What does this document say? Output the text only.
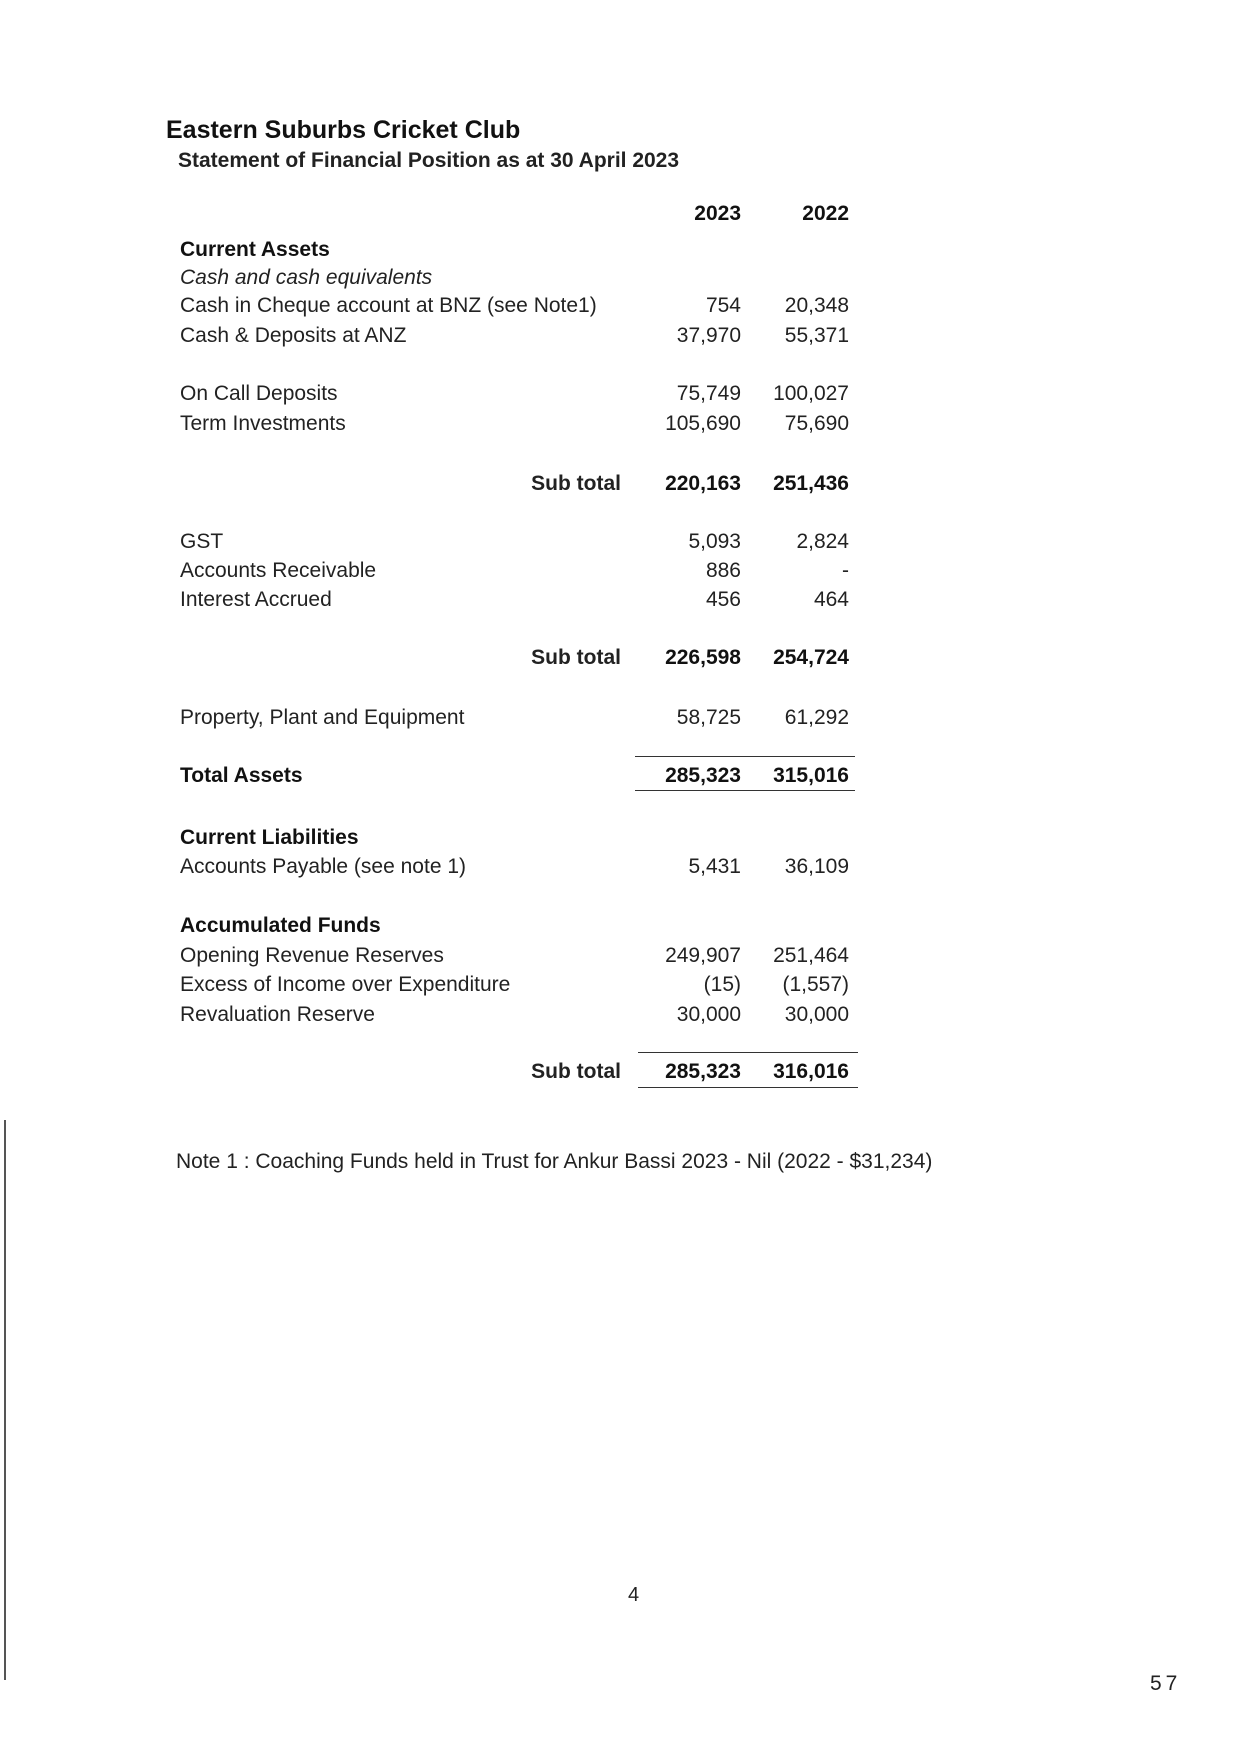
Eastern Suburbs Cricket Club
Statement of Financial Position as at 30 April 2023
2023	2022
Current Assets
Cash and cash equivalents
Cash in Cheque account at BNZ (see Note1)	754 20,348
Cash & Deposits at ANZ	37,970 55,371
On Call Deposits	75,749 100,027
Term Investments	105,690 75,690
Sub total 220,163 251,436
GST	5,093	2,824
Accounts Receivable	886	-
Interest Accrued	456	464
Sub total 226,598 254,724
Property, Plant and Equipment	58,725 61,292
Total Assets	285,323 315,016
Current Liabilities
Accounts Payable (see note 1)	5,431 36,109
Accumulated Funds
Opening Revenue Reserves	249,907 251,464
Excess of Income over Expenditure	(15) (1,557)
Revaluation Reserve	30,000 30,000
Sub total 285,323 316,016
Note 1 : Coaching Funds held in Trust for Ankur Bassi 2023 - Nil (2022 - $31,234)
4
57
